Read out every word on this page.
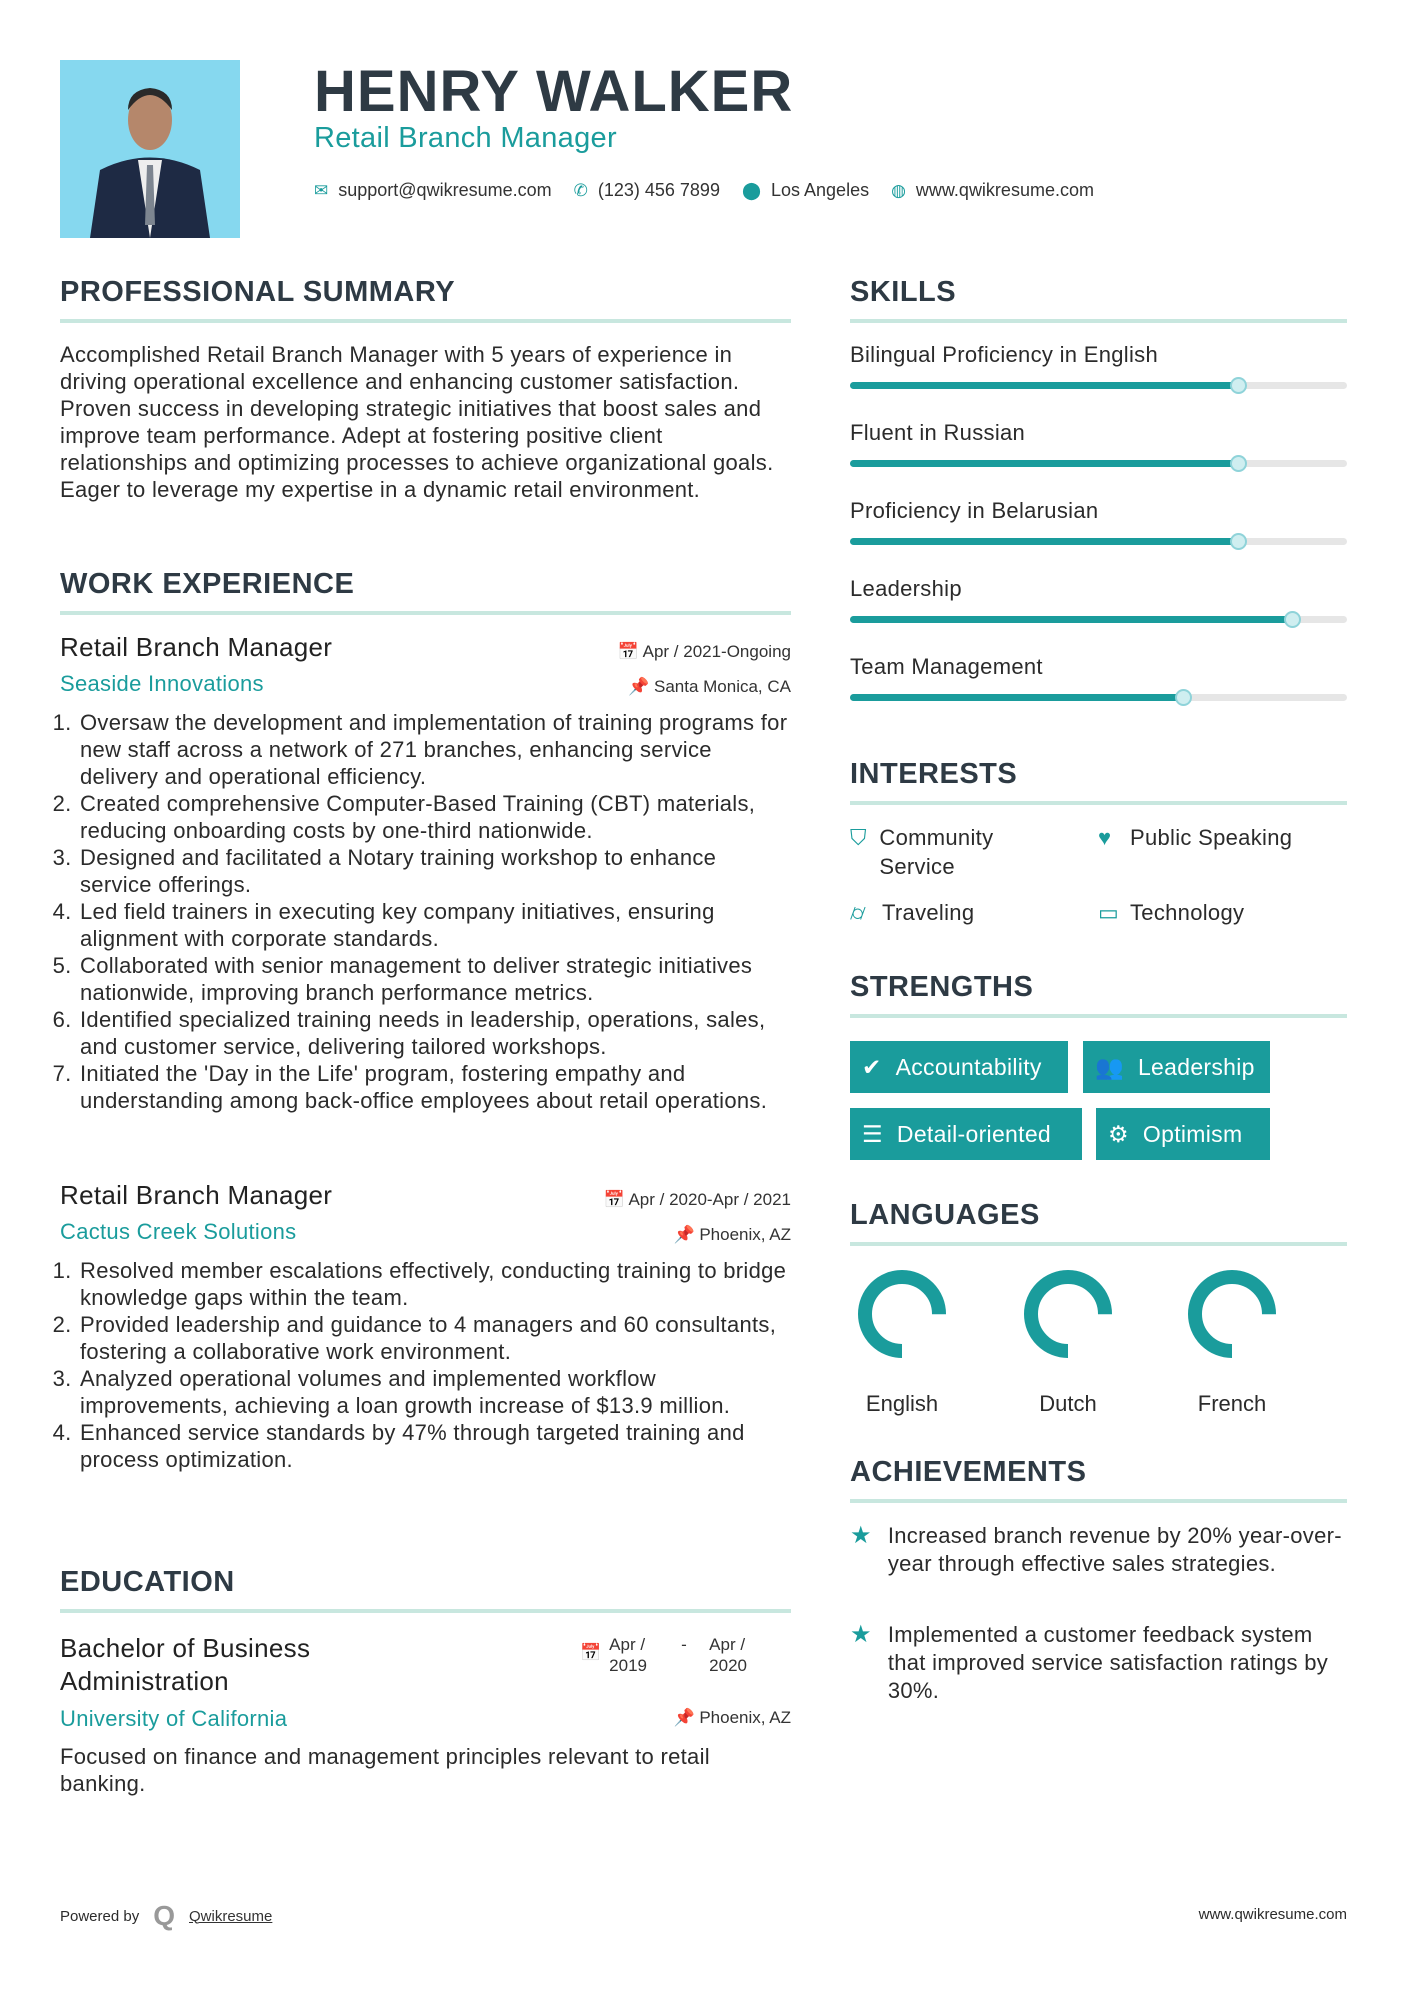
HENRY WALKER
Retail Branch Manager
✉ support@qwikresume.com ✆ (123) 456 7899 ⬤ Los Angeles ◍ www.qwikresume.com
PROFESSIONAL SUMMARY
Accomplished Retail Branch Manager with 5 years of experience in driving operational excellence and enhancing customer satisfaction. Proven success in developing strategic initiatives that boost sales and improve team performance. Adept at fostering positive client relationships and optimizing processes to achieve organizational goals. Eager to leverage my expertise in a dynamic retail environment.
WORK EXPERIENCE
Retail Branch Manager	📅 Apr / 2021-Ongoing
Seaside Innovations	📌 Santa Monica, CA
1. Oversaw the development and implementation of training programs for new staff across a network of 271 branches, enhancing service delivery and operational efficiency.
2. Created comprehensive Computer-Based Training (CBT) materials, reducing onboarding costs by one-third nationwide.
3. Designed and facilitated a Notary training workshop to enhance service offerings.
4. Led field trainers in executing key company initiatives, ensuring alignment with corporate standards.
5. Collaborated with senior management to deliver strategic initiatives nationwide, improving branch performance metrics.
6. Identified specialized training needs in leadership, operations, sales, and customer service, delivering tailored workshops.
7. Initiated the 'Day in the Life' program, fostering empathy and understanding among back-office employees about retail operations.
Retail Branch Manager	📅 Apr / 2020-Apr / 2021
Cactus Creek Solutions	📌 Phoenix, AZ
1. Resolved member escalations effectively, conducting training to bridge knowledge gaps within the team.
2. Provided leadership and guidance to 4 managers and 60 consultants, fostering a collaborative work environment.
3. Analyzed operational volumes and implemented workflow improvements, achieving a loan growth increase of $13.9 million.
4. Enhanced service standards by 47% through targeted training and process optimization.
EDUCATION
Bachelor of Business
Administration
📅 Apr / 2019
-	Apr / 2020
University of California	📌 Phoenix, AZ
Focused on finance and management principles relevant to retail banking.
SKILLS
Bilingual Proficiency in English
Fluent in Russian
Proficiency in Belarusian
Leadership
Team Management
INTERESTS
⛉ Community Service
♥ Public Speaking
⌭ Traveling	▭ Technology
STRENGTHS
✔ Accountability 👥 Leadership
☰ Detail-oriented ⚙ Optimism
LANGUAGES
English	Dutch	French
ACHIEVEMENTS
★ Increased branch revenue by 20% year-over-year through effective sales strategies.
★ Implemented a customer feedback system that improved service satisfaction ratings by 30%.
Powered by Q Qwikresume	www.qwikresume.com
